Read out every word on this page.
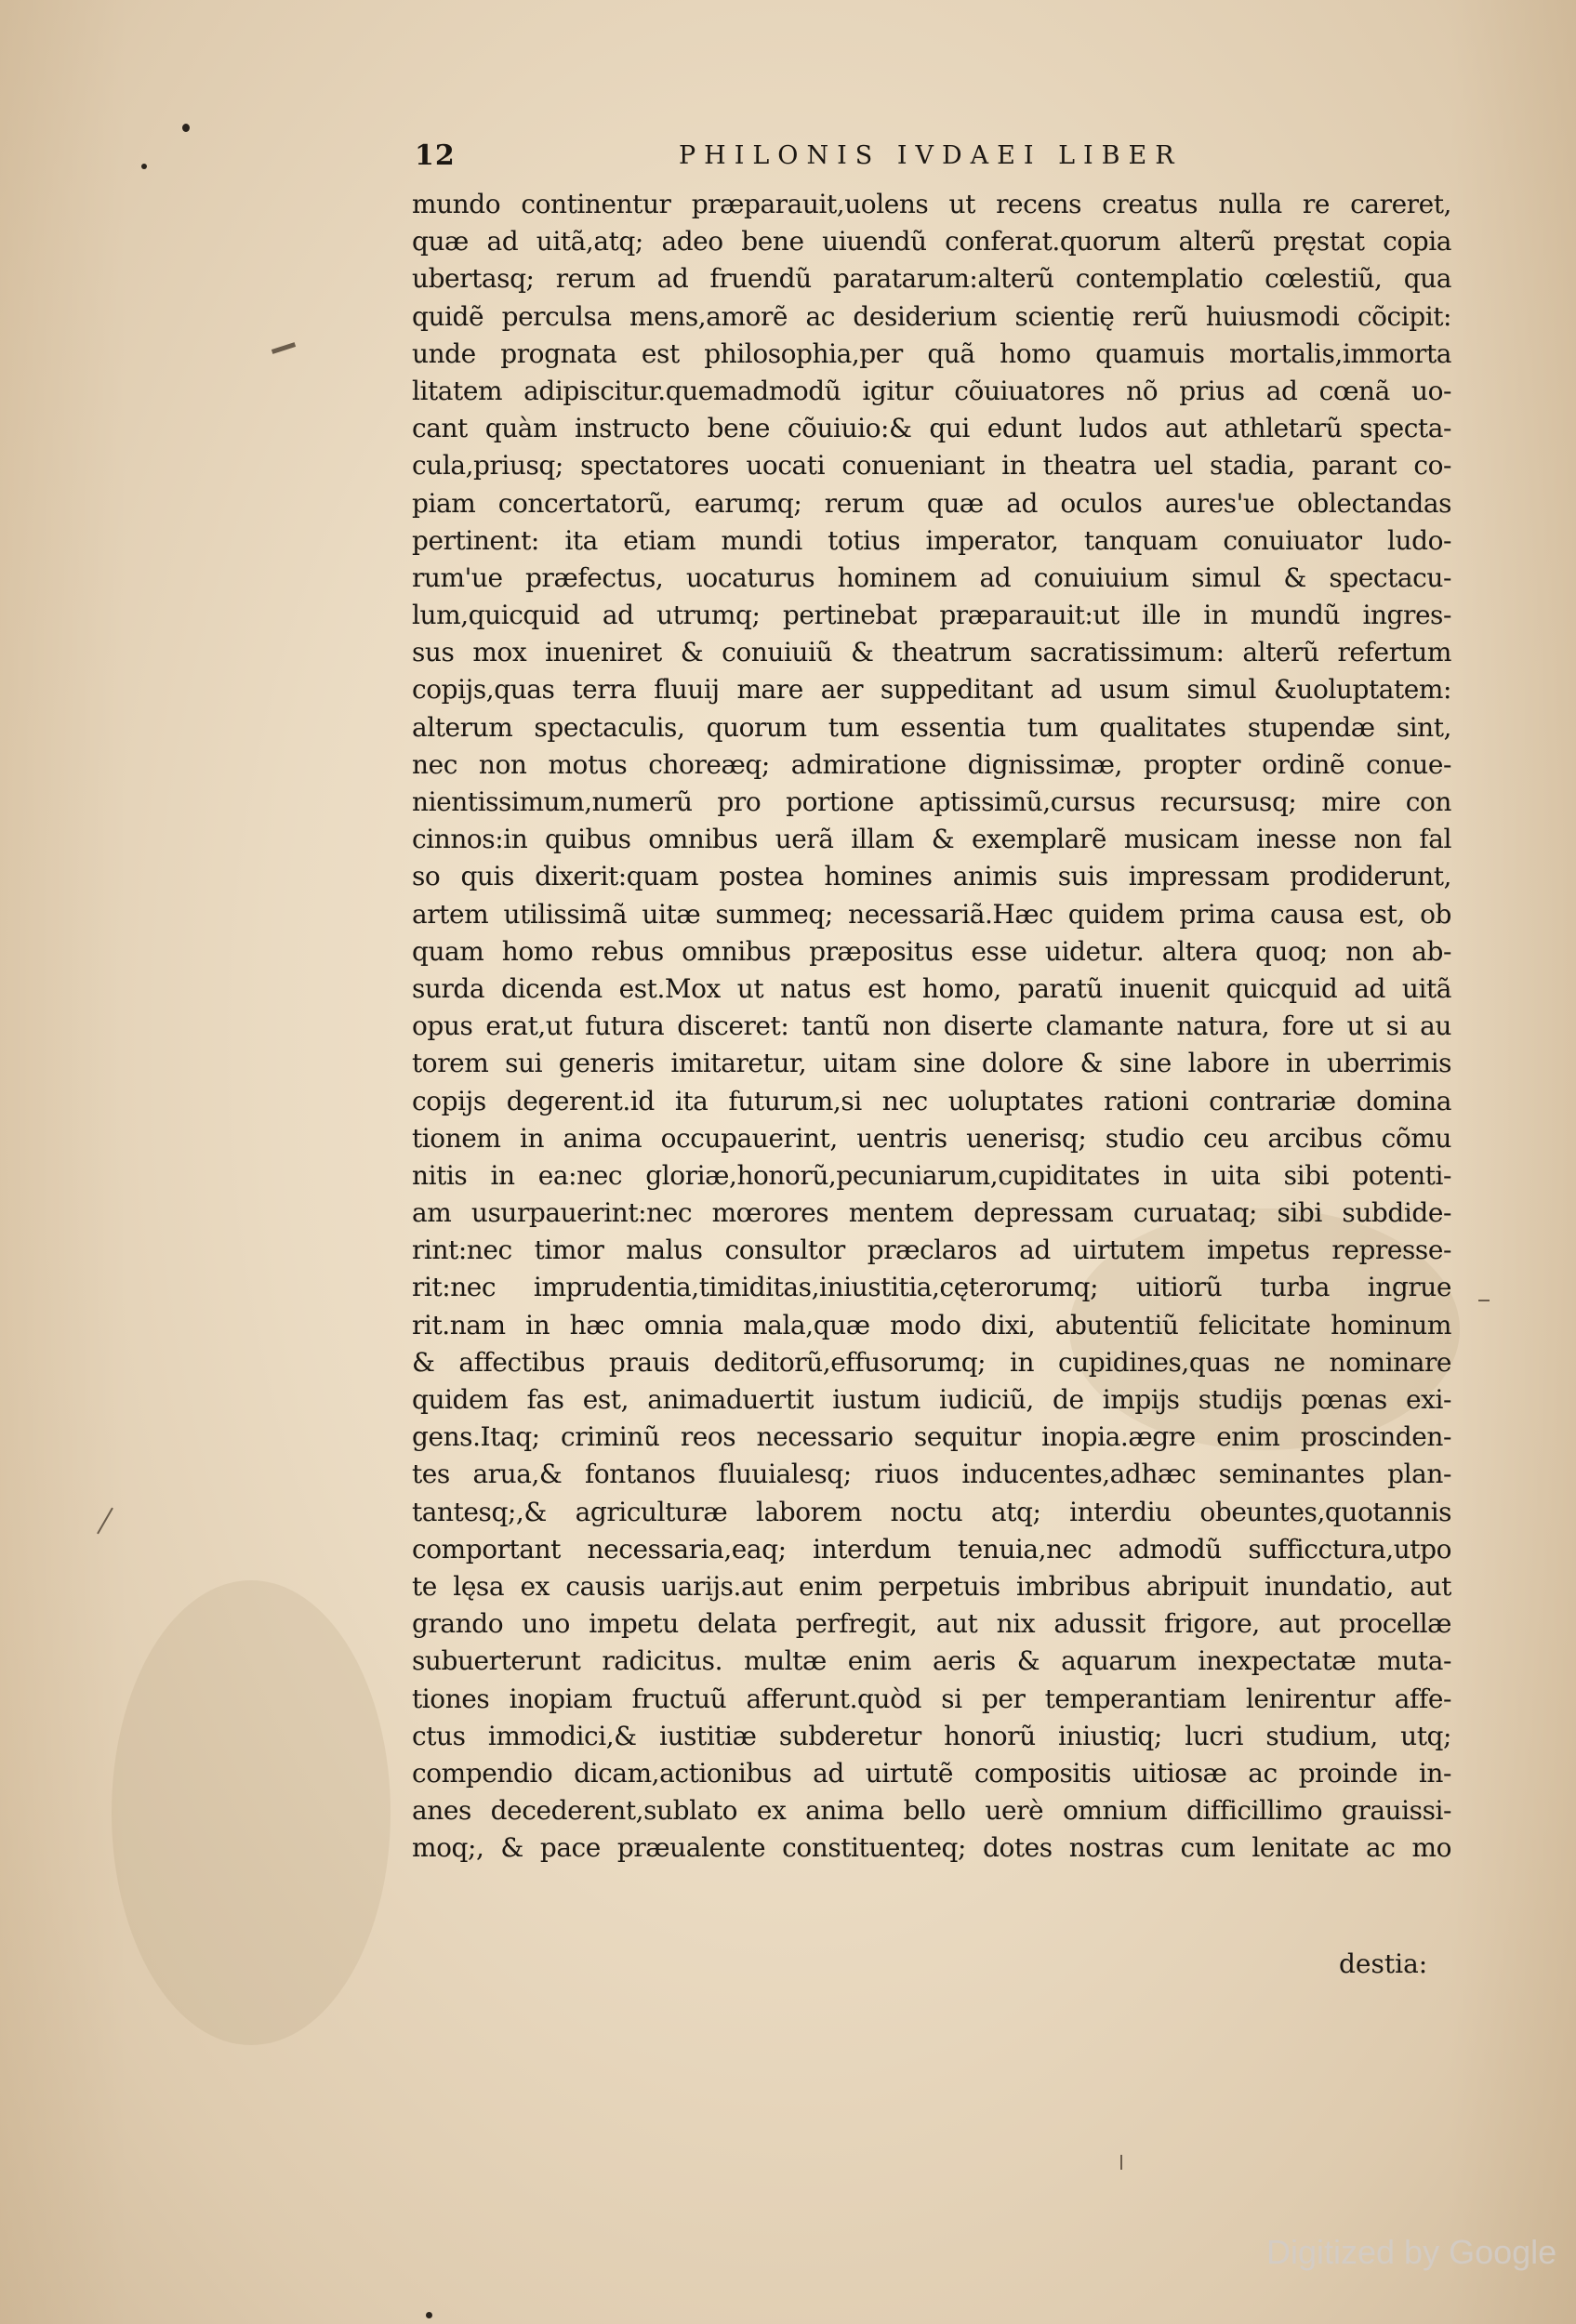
12	PHILONIS IVDAEI LIBER
mundo continentur præparauit,uolens ut recens creatus nulla re careret,
quæ ad uitã,atq; adeo bene uiuendũ conferat.quorum alterũ pręstat copia
ubertasq; rerum ad fruendũ paratarum:alterũ contemplatio cœlestiũ, qua
quidẽ perculsa mens,amorẽ ac desiderium scientię rerũ huiusmodi cõcipit:
unde prognata est philosophia,per quã homo quamuis mortalis,immorta
litatem adipiscitur.quemadmodũ igitur cõuiuatores nõ prius ad cœnã uo-
cant quàm instructo bene cõuiuio:& qui edunt ludos aut athletarũ specta-
cula,priusq; spectatores uocati conueniant in theatra uel stadia, parant co-
piam concertatorũ, earumq; rerum quæ ad oculos aures'ue oblectandas
pertinent: ita etiam mundi totius imperator, tanquam conuiuator ludo-
rum'ue præfectus, uocaturus hominem ad conuiuium simul & spectacu-
lum,quicquid ad utrumq; pertinebat præparauit:ut ille in mundũ ingres-
sus mox inueniret & conuiuiũ & theatrum sacratissimum: alterũ refertum
copijs,quas terra fluuij mare aer suppeditant ad usum simul &uoluptatem:
alterum spectaculis, quorum tum essentia tum qualitates stupendæ sint,
nec non motus choreæq; admiratione dignissimæ, propter ordinẽ conue-
nientissimum,numerũ pro portione aptissimũ,cursus recursusq; mire con
cinnos:in quibus omnibus uerã illam & exemplarẽ musicam inesse non fal
so quis dixerit:quam postea homines animis suis impressam prodiderunt,
artem utilissimã uitæ summeq; necessariã.Hæc quidem prima causa est, ob
quam homo rebus omnibus præpositus esse uidetur. altera quoq; non ab-
surda dicenda est.Mox ut natus est homo, paratũ inuenit quicquid ad uitã
opus erat,ut futura disceret: tantũ non diserte clamante natura, fore ut si au
torem sui generis imitaretur, uitam sine dolore & sine labore in uberrimis
copijs degerent.id ita futurum,si nec uoluptates rationi contrariæ domina
tionem in anima occupauerint, uentris uenerisq; studio ceu arcibus cõmu
nitis in ea:nec gloriæ,honorũ,pecuniarum,cupiditates in uita sibi potenti-
am usurpauerint:nec mœrores mentem depressam curuataq; sibi subdide-
rint:nec timor malus consultor præclaros ad uirtutem impetus represse-
rit:nec imprudentia,timiditas,iniustitia,cęterorumq; uitiorũ turba ingrue
rit.nam in hæc omnia mala,quæ modo dixi, abutentiũ felicitate hominum
& affectibus prauis deditorũ,effusorumq; in cupidines,quas ne nominare
quidem fas est, animaduertit iustum iudiciũ, de impijs studijs pœnas exi-
gens.Itaq; criminũ reos necessario sequitur inopia.ægre enim proscinden-
tes arua,& fontanos fluuialesq; riuos inducentes,adhæc seminantes plan-
tantesq;,& agriculturæ laborem noctu atq; interdiu obeuntes,quotannis
comportant necessaria,eaq; interdum tenuia,nec admodũ sufficctura,utpo
te lęsa ex causis uarijs.aut enim perpetuis imbribus abripuit inundatio, aut
grando uno impetu delata perfregit, aut nix adussit frigore, aut procellæ
subuerterunt radicitus. multæ enim aeris & aquarum inexpectatæ muta-
tiones inopiam fructuũ afferunt.quòd si per temperantiam lenirentur affe-
ctus immodici,& iustitiæ subderetur honorũ iniustiq; lucri studium, utq;
compendio dicam,actionibus ad uirtutẽ compositis uitiosæ ac proinde in-
anes decederent,sublato ex anima bello uerè omnium difficillimo grauissi-
moq;, & pace præualente constituenteq; dotes nostras cum lenitate ac mo
destia:
Digitized by Google
